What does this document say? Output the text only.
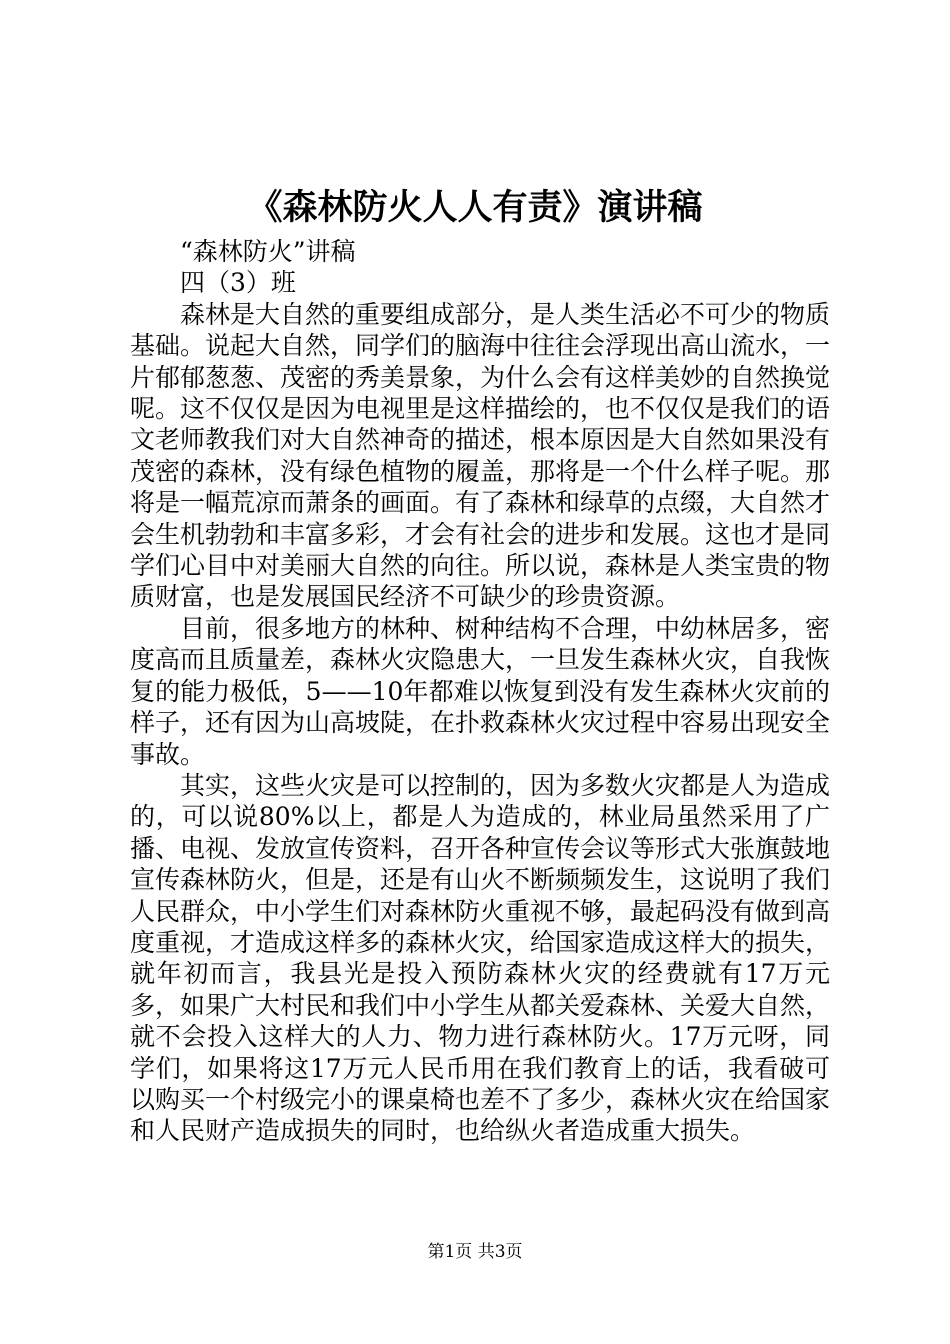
《森林防火人人有责》演讲稿

“森林防火”讲稿

四（3）班

森林是大自然的重要组成部分，是人类生活必不可少的物质基础。说起大自然，同学们的脑海中往往会浮现出高山流水，一片郁郁葱葱、茂密的秀美景象，为什么会有这样美妙的自然换觉呢。这不仅仅是因为电视里是这样描绘的，也不仅仅是我们的语文老师教我们对大自然神奇的描述，根本原因是大自然如果没有茂密的森林，没有绿色植物的履盖，那将是一个什么样子呢。那将是一幅荒凉而萧条的画面。有了森林和绿草的点缀，大自然才会生机勃勃和丰富多彩，才会有社会的进步和发展。这也才是同学们心目中对美丽大自然的向往。所以说，森林是人类宝贵的物质财富，也是发展国民经济不可缺少的珍贵资源。

目前，很多地方的林种、树种结构不合理，中幼林居多，密度高而且质量差，森林火灾隐患大，一旦发生森林火灾，自我恢复的能力极低，5——10年都难以恢复到没有发生森林火灾前的样子，还有因为山高坡陡，在扑救森林火灾过程中容易出现安全事故。

其实，这些火灾是可以控制的，因为多数火灾都是人为造成的，可以说80%以上，都是人为造成的，林业局虽然采用了广播、电视、发放宣传资料，召开各种宣传会议等形式大张旗鼓地宣传森林防火，但是，还是有山火不断频频发生，这说明了我们人民群众，中小学生们对森林防火重视不够，最起码没有做到高度重视，才造成这样多的森林火灾，给国家造成这样大的损失，就年初而言，我县光是投入预防森林火灾的经费就有17万元多，如果广大村民和我们中小学生从都关爱森林、关爱大自然，就不会投入这样大的人力、物力进行森林防火。17万元呀，同学们，如果将这17万元人民币用在我们教育上的话，我看破可以购买一个村级完小的课桌椅也差不了多少，森林火灾在给国家和人民财产造成损失的同时，也给纵火者造成重大损失。

第1页 共3页
